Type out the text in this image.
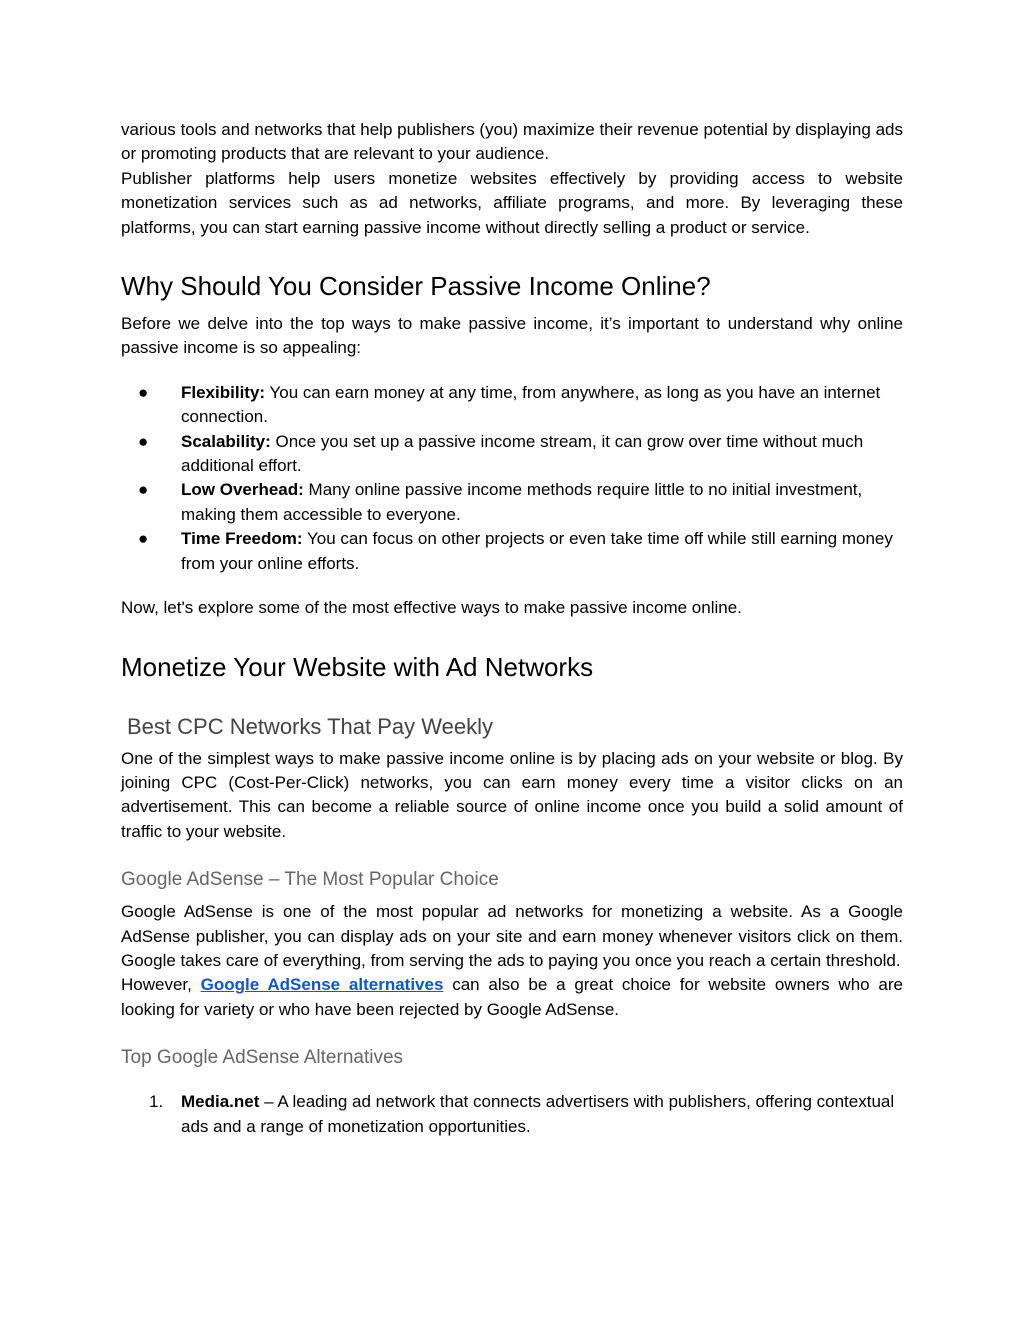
various tools and networks that help publishers (you) maximize their revenue potential by displaying ads or promoting products that are relevant to your audience.

Publisher platforms help users monetize websites effectively by providing access to website monetization services such as ad networks, affiliate programs, and more. By leveraging these platforms, you can start earning passive income without directly selling a product or service.

Why Should You Consider Passive Income Online?

Before we delve into the top ways to make passive income, it’s important to understand why online passive income is so appealing:

● Flexibility: You can earn money at any time, from anywhere, as long as you have an internet connection.
● Scalability: Once you set up a passive income stream, it can grow over time without much additional effort.
● Low Overhead: Many online passive income methods require little to no initial investment, making them accessible to everyone.
● Time Freedom: You can focus on other projects or even take time off while still earning money from your online efforts.

Now, let's explore some of the most effective ways to make passive income online.

Monetize Your Website with Ad Networks
Best CPC Networks That Pay Weekly

One of the simplest ways to make passive income online is by placing ads on your website or blog. By joining CPC (Cost-Per-Click) networks, you can earn money every time a visitor clicks on an advertisement. This can become a reliable source of online income once you build a solid amount of traffic to your website.

Google AdSense – The Most Popular Choice

Google AdSense is one of the most popular ad networks for monetizing a website. As a Google AdSense publisher, you can display ads on your site and earn money whenever visitors click on them. Google takes care of everything, from serving the ads to paying you once you reach a certain threshold.

However, Google AdSense alternatives can also be a great choice for website owners who are looking for variety or who have been rejected by Google AdSense.

Top Google AdSense Alternatives
1. Media.net – A leading ad network that connects advertisers with publishers, offering contextual ads and a range of monetization opportunities.
